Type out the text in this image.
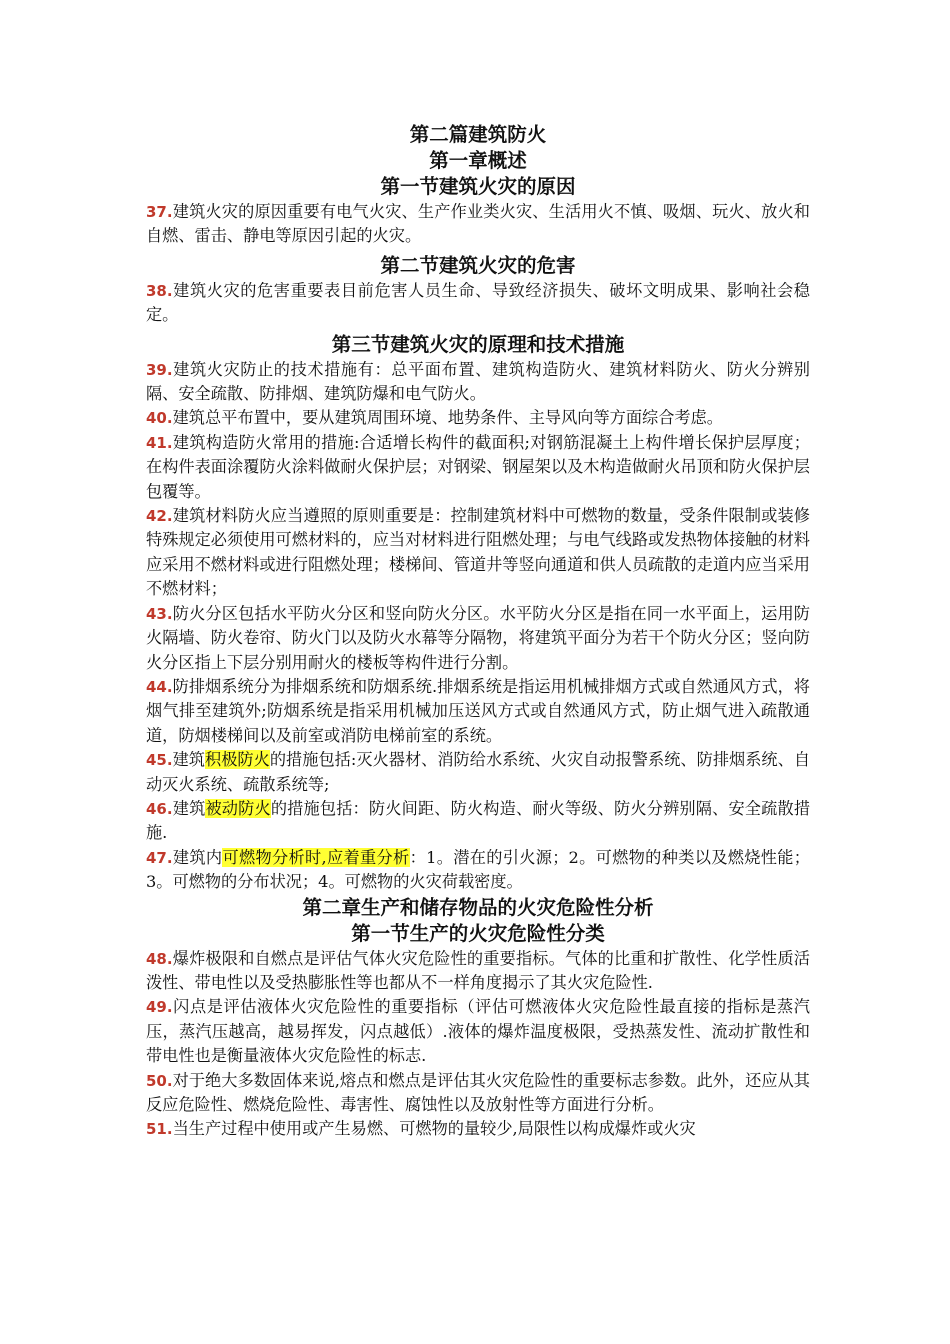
第二篇建筑防火

第一章概述

第一节建筑火灾的原因

37.建筑火灾的原因重要有电气火灾、生产作业类火灾、生活用火不慎、吸烟、玩火、放火和自燃、雷击、静电等原因引起的火灾。

第二节建筑火灾的危害

38.建筑火灾的危害重要表目前危害人员生命、导致经济损失、破坏文明成果、影响社会稳定。

第三节建筑火灾的原理和技术措施

39.建筑火灾防止的技术措施有：总平面布置、建筑构造防火、建筑材料防火、防火分辨别隔、安全疏散、防排烟、建筑防爆和电气防火。

40.建筑总平布置中，要从建筑周围环境、地势条件、主导风向等方面综合考虑。

41.建筑构造防火常用的措施:合适增长构件的截面积;对钢筋混凝土上构件增长保护层厚度；在构件表面涂覆防火涂料做耐火保护层；对钢梁、钢屋架以及木构造做耐火吊顶和防火保护层包覆等。

42.建筑材料防火应当遵照的原则重要是：控制建筑材料中可燃物的数量，受条件限制或装修特殊规定必须使用可燃材料的，应当对材料进行阻燃处理；与电气线路或发热物体接触的材料应采用不燃材料或进行阻燃处理；楼梯间、管道井等竖向通道和供人员疏散的走道内应当采用不燃材料；

43.防火分区包括水平防火分区和竖向防火分区。水平防火分区是指在同一水平面上，运用防火隔墙、防火卷帘、防火门以及防火水幕等分隔物，将建筑平面分为若干个防火分区；竖向防火分区指上下层分别用耐火的楼板等构件进行分割。

44.防排烟系统分为排烟系统和防烟系统.排烟系统是指运用机械排烟方式或自然通风方式，将烟气排至建筑外;防烟系统是指采用机械加压送风方式或自然通风方式，防止烟气进入疏散通道，防烟楼梯间以及前室或消防电梯前室的系统。

45.建筑积极防火的措施包括:灭火器材、消防给水系统、火灾自动报警系统、防排烟系统、自动灭火系统、疏散系统等;

46.建筑被动防火的措施包括：防火间距、防火构造、耐火等级、防火分辨别隔、安全疏散措施.

47.建筑内可燃物分析时,应着重分析：1。潜在的引火源；2。可燃物的种类以及燃烧性能；3。可燃物的分布状况；4。可燃物的火灾荷载密度。

第二章生产和储存物品的火灾危险性分析

第一节生产的火灾危险性分类

48.爆炸极限和自燃点是评估气体火灾危险性的重要指标。气体的比重和扩散性、化学性质活泼性、带电性以及受热膨胀性等也都从不一样角度揭示了其火灾危险性.

49.闪点是评估液体火灾危险性的重要指标（评估可燃液体火灾危险性最直接的指标是蒸汽压，蒸汽压越高，越易挥发，闪点越低）.液体的爆炸温度极限，受热蒸发性、流动扩散性和带电性也是衡量液体火灾危险性的标志.

50.对于绝大多数固体来说,熔点和燃点是评估其火灾危险性的重要标志参数。此外，还应从其反应危险性、燃烧危险性、毒害性、腐蚀性以及放射性等方面进行分析。

51.当生产过程中使用或产生易燃、可燃物的量较少,局限性以构成爆炸或火灾
